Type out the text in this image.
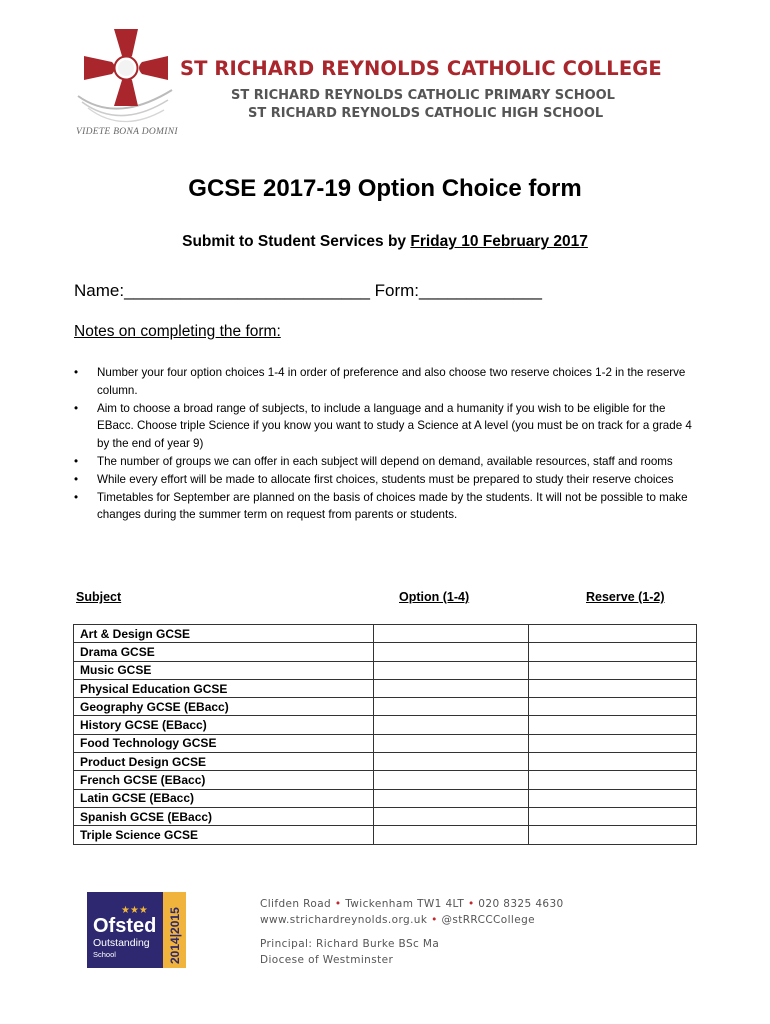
VIDETE BONA DOMINI
ST RICHARD REYNOLDS CATHOLIC COLLEGE
ST RICHARD REYNOLDS CATHOLIC PRIMARY SCHOOL
ST RICHARD REYNOLDS CATHOLIC HIGH SCHOOL
GCSE 2017-19 Option Choice form
Submit to Student Services by Friday 10 February 2017
Name:__________________________ Form:_____________
Notes on completing the form:
• Number your four option choices 1-4 in order of preference and also choose two reserve choices 1-2 in the reserve column.
• Aim to choose a broad range of subjects, to include a language and a humanity if you wish to be eligible for the EBacc. Choose triple Science if you know you want to study a Science at A level (you must be on track for a grade 4 by the end of year 9)
• The number of groups we can offer in each subject will depend on demand, available resources, staff and rooms
• While every effort will be made to allocate first choices, students must be prepared to study their reserve choices
• Timetables for September are planned on the basis of choices made by the students. It will not be possible to make changes during the summer term on request from parents or students.
Subject	Option (1-4)	Reserve (1-2)
Art & Design GCSE		
Drama GCSE		
Music GCSE		
Physical Education GCSE		
Geography GCSE (EBacc)		
History GCSE (EBacc)		
Food Technology GCSE		
Product Design GCSE		
French GCSE (EBacc)		
Latin GCSE (EBacc)		
Spanish GCSE (EBacc)		
Triple Science GCSE		
★★★
Ofsted
Outstanding
School	2014|2015
Clifden Road • Twickenham TW1 4LT • 020 8325 4630
www.strichardreynolds.org.uk • @stRRCCCollege
Principal: Richard Burke BSc Ma
Diocese of Westminster
